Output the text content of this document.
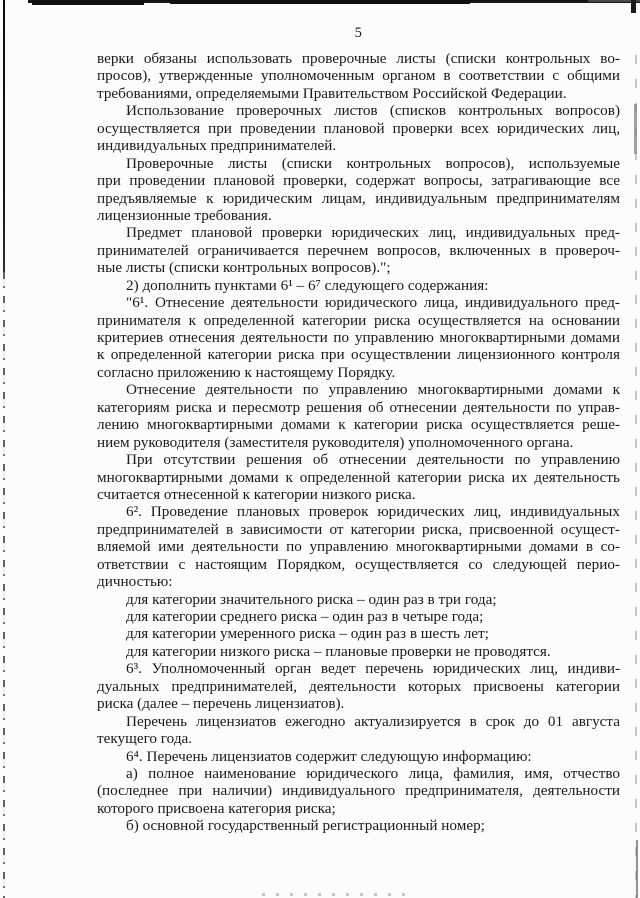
5
верки обязаны использовать проверочные листы (списки контрольных во-
просов), утвержденные уполномоченным органом в соответствии с общими
требованиями, определяемыми Правительством Российской Федерации.
Использование проверочных листов (списков контрольных вопросов)
осуществляется при проведении плановой проверки всех юридических лиц,
индивидуальных предпринимателей.
Проверочные листы (списки контрольных вопросов), используемые
при проведении плановой проверки, содержат вопросы, затрагивающие все
предъявляемые к юридическим лицам, индивидуальным предпринимателям
лицензионные требования.
Предмет плановой проверки юридических лиц, индивидуальных пред-
принимателей ограничивается перечнем вопросов, включенных в провероч-
ные листы (списки контрольных вопросов).";
2) дополнить пунктами 6¹ – 6⁷ следующего содержания:
"6¹. Отнесение деятельности юридического лица, индивидуального пред-
принимателя к определенной категории риска осуществляется на основании
критериев отнесения деятельности по управлению многоквартирными домами
к определенной категории риска при осуществлении лицензионного контроля
согласно приложению к настоящему Порядку.
Отнесение деятельности по управлению многоквартирными домами к
категориям риска и пересмотр решения об отнесении деятельности по управ-
лению многоквартирными домами к категории риска осуществляется реше-
нием руководителя (заместителя руководителя) уполномоченного органа.
При отсутствии решения об отнесении деятельности по управлению
многоквартирными домами к определенной категории риска их деятельность
считается отнесенной к категории низкого риска.
6². Проведение плановых проверок юридических лиц, индивидуальных
предпринимателей в зависимости от категории риска, присвоенной осущест-
вляемой ими деятельности по управлению многоквартирными домами в со-
ответствии с настоящим Порядком, осуществляется со следующей перио-
дичностью:
для категории значительного риска – один раз в три года;
для категории среднего риска – один раз в четыре года;
для категории умеренного риска – один раз в шесть лет;
для категории низкого риска – плановые проверки не проводятся.
6³. Уполномоченный орган ведет перечень юридических лиц, индиви-
дуальных предпринимателей, деятельности которых присвоены категории
риска (далее – перечень лицензиатов).
Перечень лицензиатов ежегодно актуализируется в срок до 01 августа
текущего года.
6⁴. Перечень лицензиатов содержит следующую информацию:
а) полное наименование юридического лица, фамилия, имя, отчество
(последнее при наличии) индивидуального предпринимателя, деятельности
которого присвоена категория риска;
б) основной государственный регистрационный номер;
